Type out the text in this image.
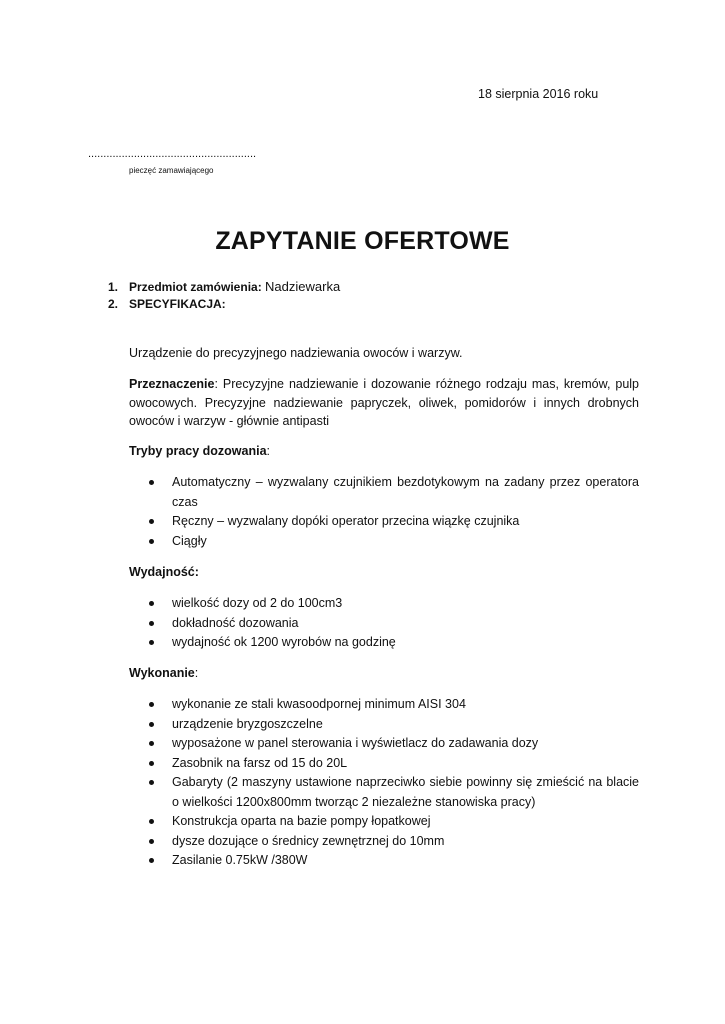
18 sierpnia 2016 roku
.......................................................
pieczęć zamawiającego
ZAPYTANIE OFERTOWE
1. Przedmiot zamówienia: Nadziewarka
2. SPECYFIKACJA:
Urządzenie do precyzyjnego nadziewania owoców i warzyw.
Przeznaczenie: Precyzyjne nadziewanie i dozowanie różnego rodzaju mas, kremów, pulp owocowych. Precyzyjne nadziewanie papryczek, oliwek, pomidorów i innych drobnych owoców i warzyw - głównie antipasti
Tryby pracy dozowania:
Automatyczny – wyzwalany czujnikiem bezdotykowym na zadany przez operatora czas
Ręczny – wyzwalany dopóki operator przecina wiązkę czujnika
Ciągły
Wydajność:
wielkość dozy od 2 do 100cm3
dokładność dozowania
wydajność ok 1200 wyrobów na godzinę
Wykonanie:
wykonanie ze stali kwasoodpornej minimum AISI 304
urządzenie bryzgoszczelne
wyposażone w panel sterowania i wyświetlacz do zadawania dozy
Zasobnik na farsz od 15 do 20L
Gabaryty (2 maszyny ustawione naprzeciwko siebie powinny się zmieścić na blacie o wielkości 1200x800mm tworząc 2 niezależne stanowiska pracy)
Konstrukcja oparta na bazie pompy łopatkowej
dysze dozujące o średnicy zewnętrznej do 10mm
Zasilanie 0.75kW /380W
